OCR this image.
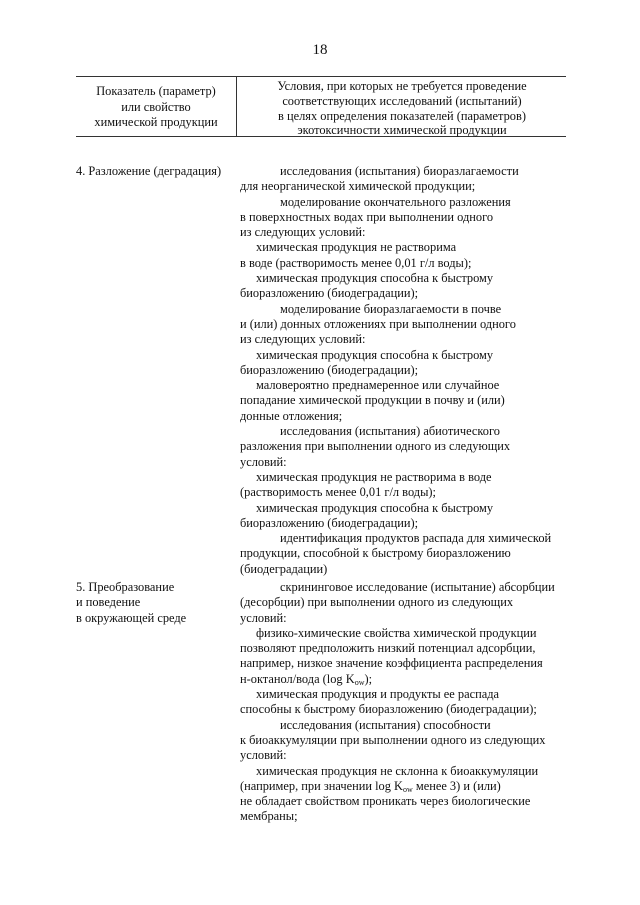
18
Показатель (параметр)
или свойство
химической продукции
Условия, при которых не требуется проведение
соответствующих исследований (испытаний)
в целях определения показателей (параметров)
экотоксичности химической продукции
4. Разложение (деградация)	исследования (испытания) биоразлагаемости
для неорганической химической продукции;
моделирование окончательного разложения
в поверхностных водах при выполнении одного
из следующих условий:
химическая продукция не растворима
в воде (растворимость менее 0,01 г/л воды);
химическая продукция способна к быстрому
биоразложению (биодеградации);
моделирование биоразлагаемости в почве
и (или) донных отложениях при выполнении одного
из следующих условий:
химическая продукция способна к быстрому
биоразложению (биодеградации);
маловероятно преднамеренное или случайное
попадание химической продукции в почву и (или)
донные отложения;
исследования (испытания) абиотического
разложения при выполнении одного из следующих
условий:
химическая продукция не растворима в воде
(растворимость менее 0,01 г/л воды);
химическая продукция способна к быстрому
биоразложению (биодеградации);
идентификация продуктов распада для химической
продукции, способной к быстрому биоразложению
(биодеградации)
5. Преобразование
и поведение
в окружающей среде
скрининговое исследование (испытание) абсорбции
(десорбции) при выполнении одного из следующих
условий:
физико-химические свойства химической продукции
позволяют предположить низкий потенциал адсорбции,
например, низкое значение коэффициента распределения
н-октанол/вода (log $K_{ow}$);
химическая продукция и продукты ее распада
способны к быстрому биоразложению (биодеградации);
исследования (испытания) способности
к биоаккумуляции при выполнении одного из следующих
условий:
химическая продукция не склонна к биоаккумуляции
(например, при значении $\log K_{ow}$ менее 3) и (или)
не обладает свойством проникать через биологические
мембраны;
